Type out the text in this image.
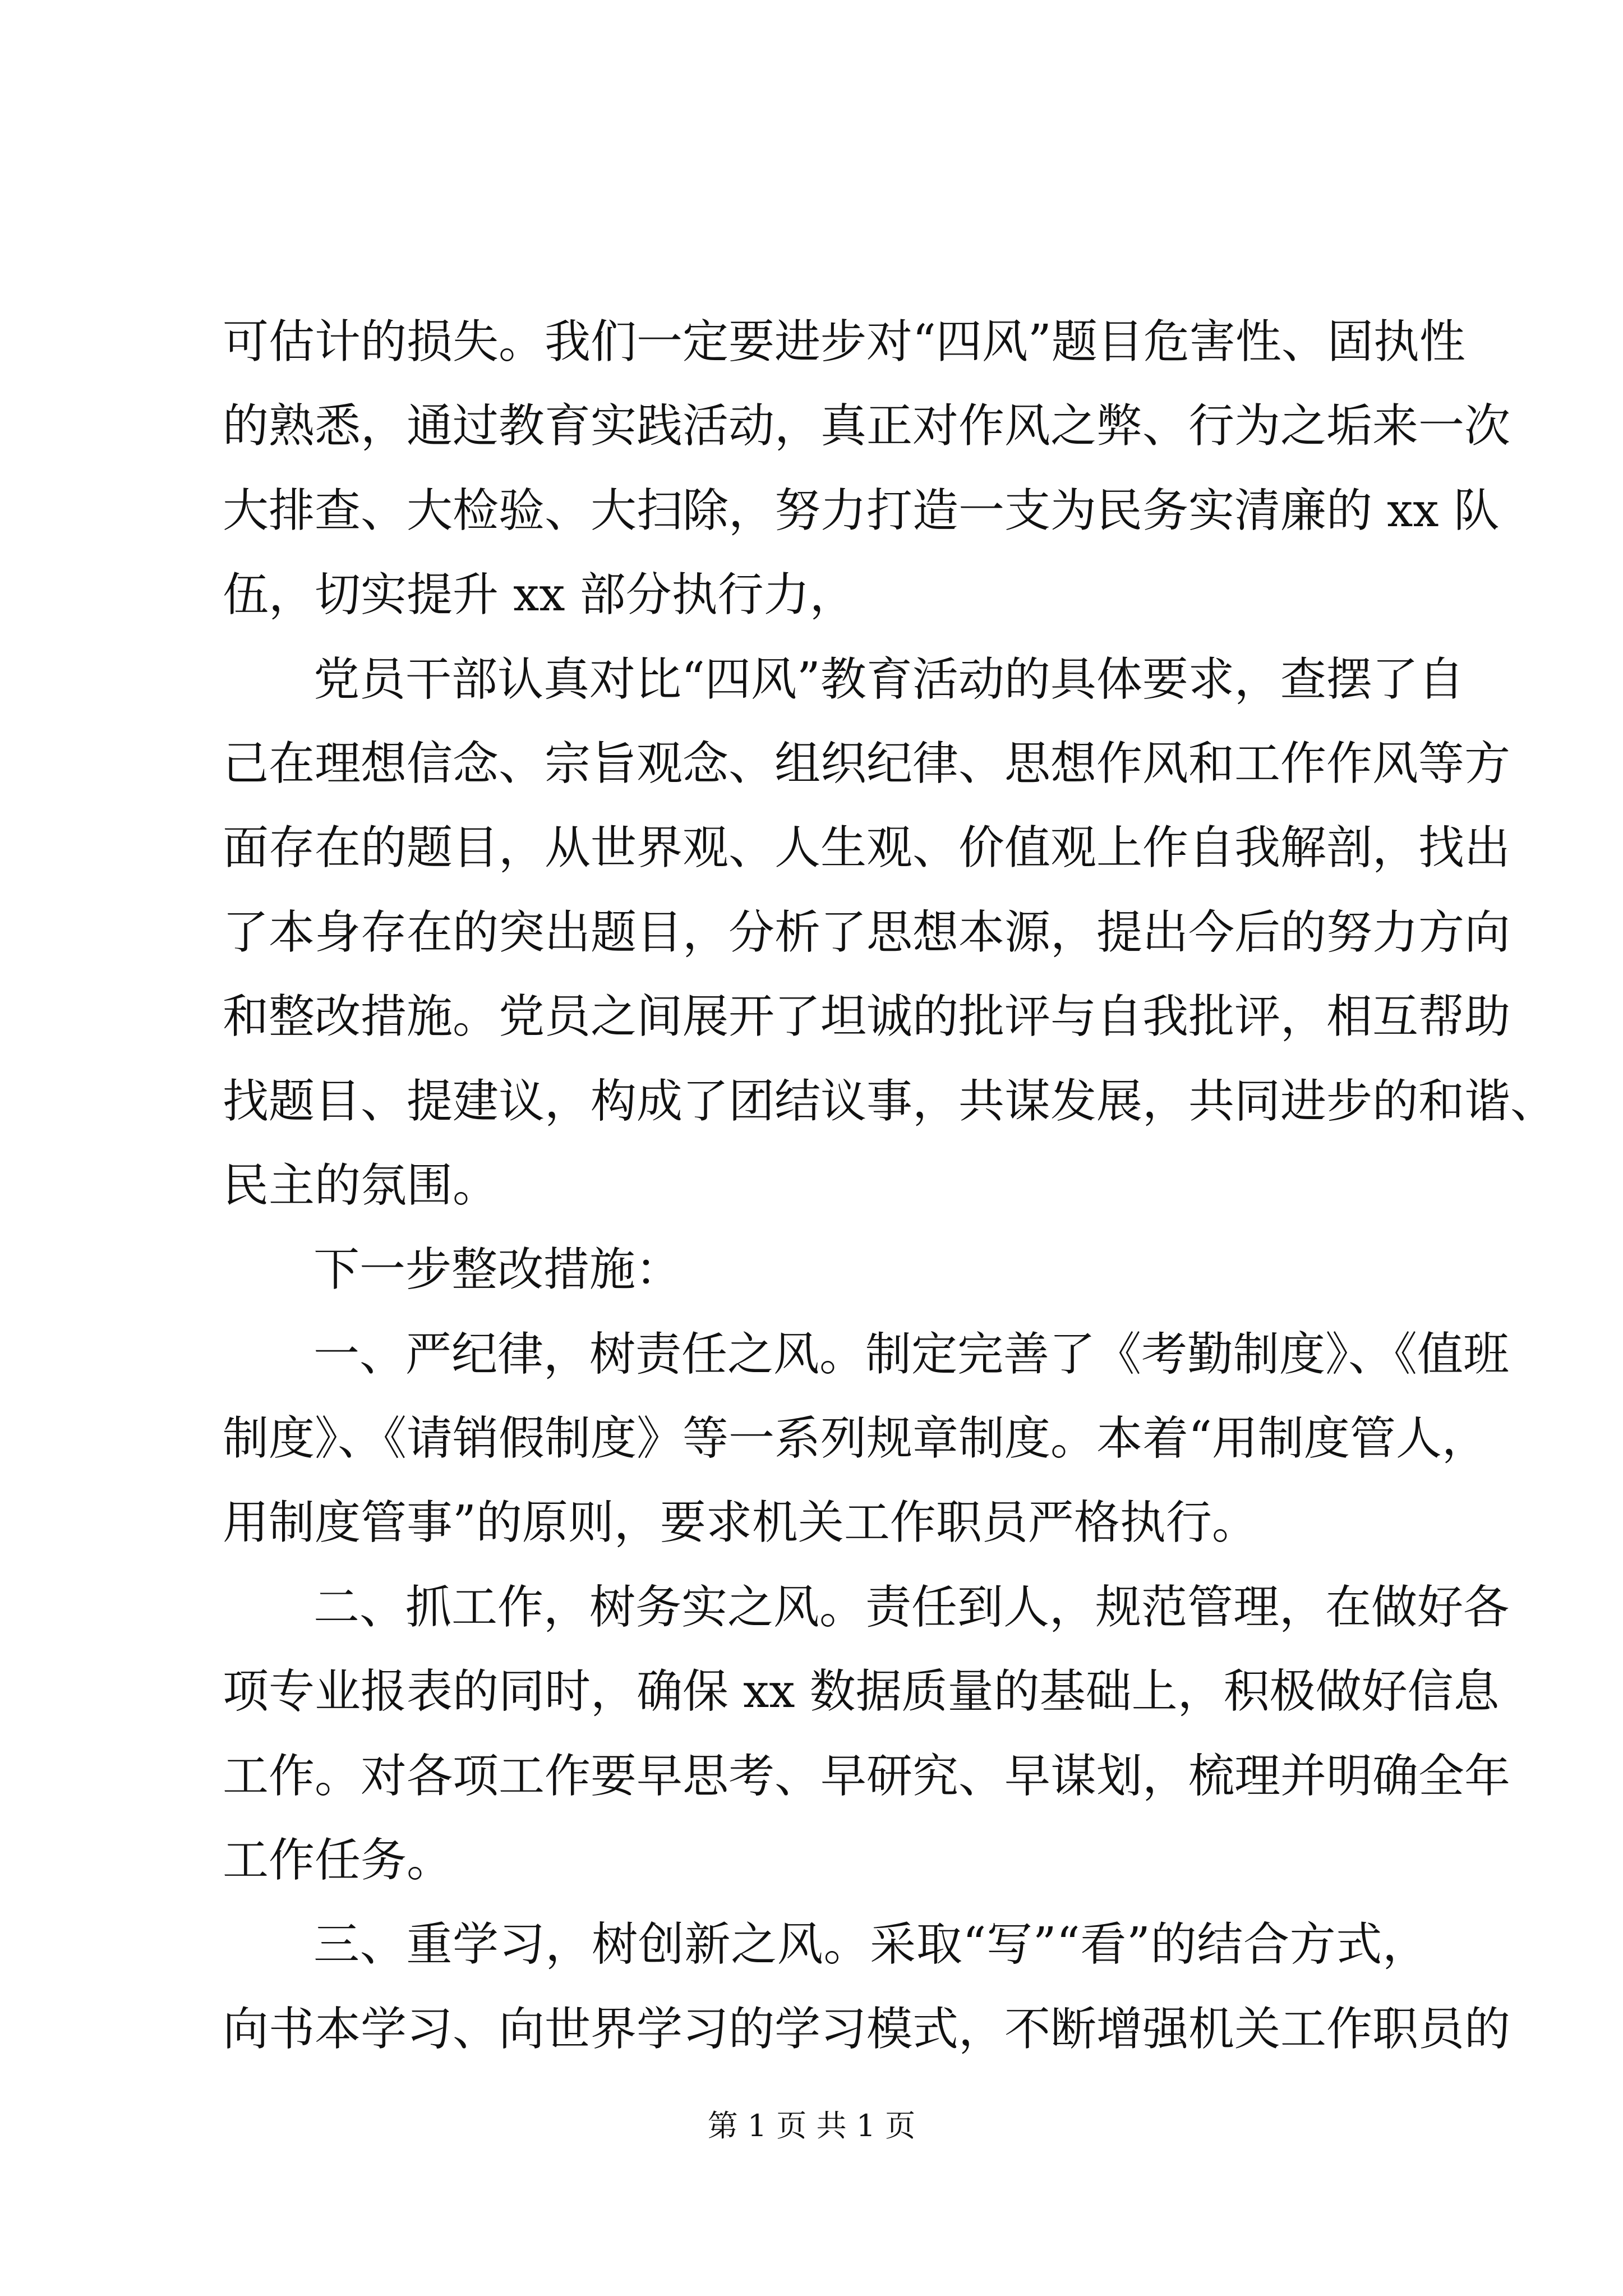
可估计的损失。我们一定要进步对“四风”题目危害性、固执性
的熟悉，通过教育实践活动，真正对作风之弊、行为之垢来一次
大排查、大检验、大扫除，努力打造一支为民务实清廉的 xx 队
伍，切实提升 xx 部分执行力，
党员干部认真对比“四风”教育活动的具体要求，查摆了自
己在理想信念、宗旨观念、组织纪律、思想作风和工作作风等方
面存在的题目，从世界观、人生观、价值观上作自我解剖，找出
了本身存在的突出题目，分析了思想本源，提出今后的努力方向
和整改措施。党员之间展开了坦诚的批评与自我批评，相互帮助
找题目、提建议，构成了团结议事，共谋发展，共同进步的和谐、
民主的氛围。
下一步整改措施：
一、严纪律，树责任之风。制定完善了《考勤制度》、《值班
制度》、《请销假制度》等一系列规章制度。本着“用制度管人，
用制度管事”的原则，要求机关工作职员严格执行。
二、抓工作，树务实之风。责任到人，规范管理，在做好各
项专业报表的同时，确保 xx 数据质量的基础上，积极做好信息
工作。对各项工作要早思考、早研究、早谋划，梳理并明确全年
工作任务。
三、重学习，树创新之风。采取“写”“看”的结合方式，
向书本学习、向世界学习的学习模式，不断增强机关工作职员的
第 1 页 共 1 页
